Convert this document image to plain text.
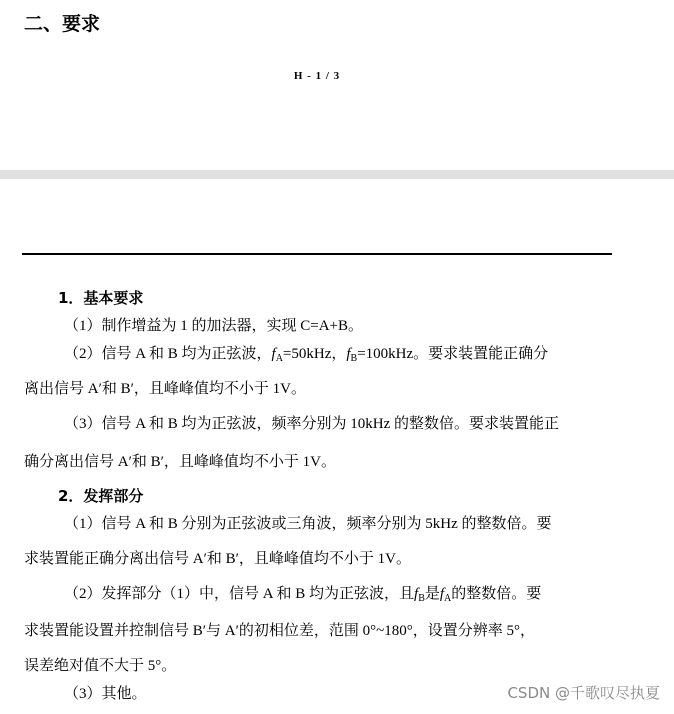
二、要求
H - 1 / 3
1．基本要求
（1）制作增益为 1 的加法器，实现 C=A+B。
（2）信号 A 和 B 均为正弦波，$f_A=50kHz$，$f_B=100kHz$。要求装置能正确分
离出信号 A′和 B′，且峰峰值均不小于 1V。
（3）信号 A 和 B 均为正弦波，频率分别为 10kHz 的整数倍。要求装置能正
确分离出信号 A′和 B′，且峰峰值均不小于 1V。
2．发挥部分
（1）信号 A 和 B 分别为正弦波或三角波，频率分别为 5kHz 的整数倍。要
求装置能正确分离出信号 A′和 B′，且峰峰值均不小于 1V。
（2）发挥部分（1）中，信号 A 和 B 均为正弦波，且$f_B$是$f_A$的整数倍。要
求装置能设置并控制信号 B′与 A′的初相位差，范围 0°~180°，设置分辨率 5°，
误差绝对值不大于 5°。
（3）其他。	CSDN @千歌叹尽执夏
